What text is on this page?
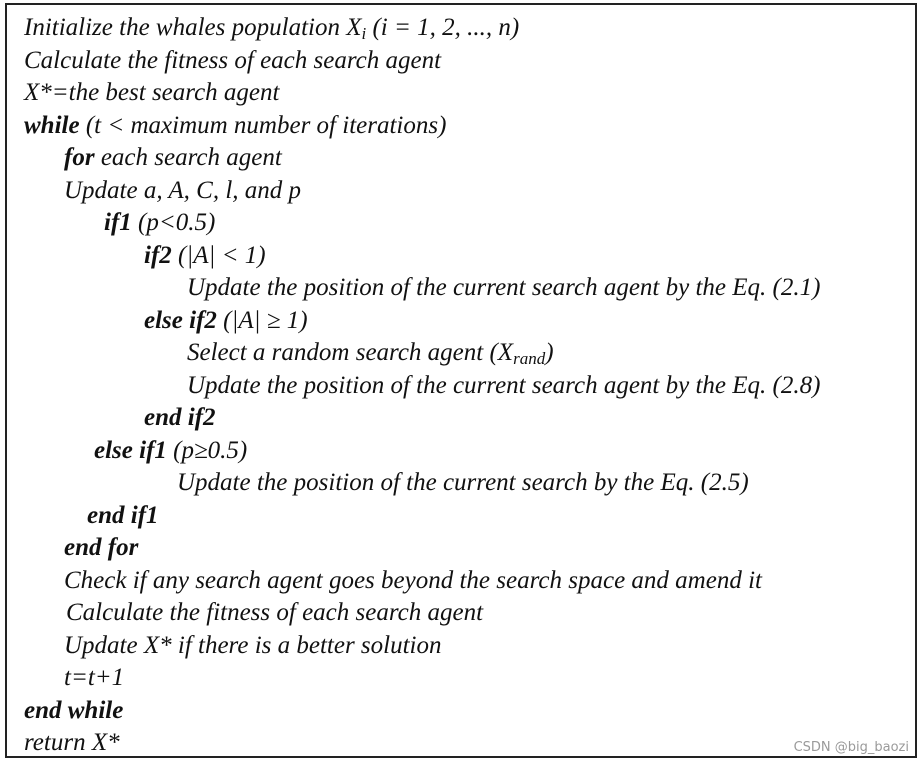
Initialize the whales population $X_i$ (i = 1, 2, ..., n)
Calculate the fitness of each search agent
X*=the best search agent
while (t < maximum number of iterations)
for each search agent
Update a, A, C, l, and p
if1 (p<0.5)
if2 (|A| < 1)
Update the position of the current search agent by the Eq. (2.1)
else if2 (|A| ≥ 1)
Select a random search agent $(X_{rand})$
Update the position of the current search agent by the Eq. (2.8)
end if2
else if1 (p≥0.5)
Update the position of the current search by the Eq. (2.5)
end if1
end for
Check if any search agent goes beyond the search space and amend it
Calculate the fitness of each search agent
Update X* if there is a better solution
t=t+1
end while
return X*	CSDN @big_baozi
